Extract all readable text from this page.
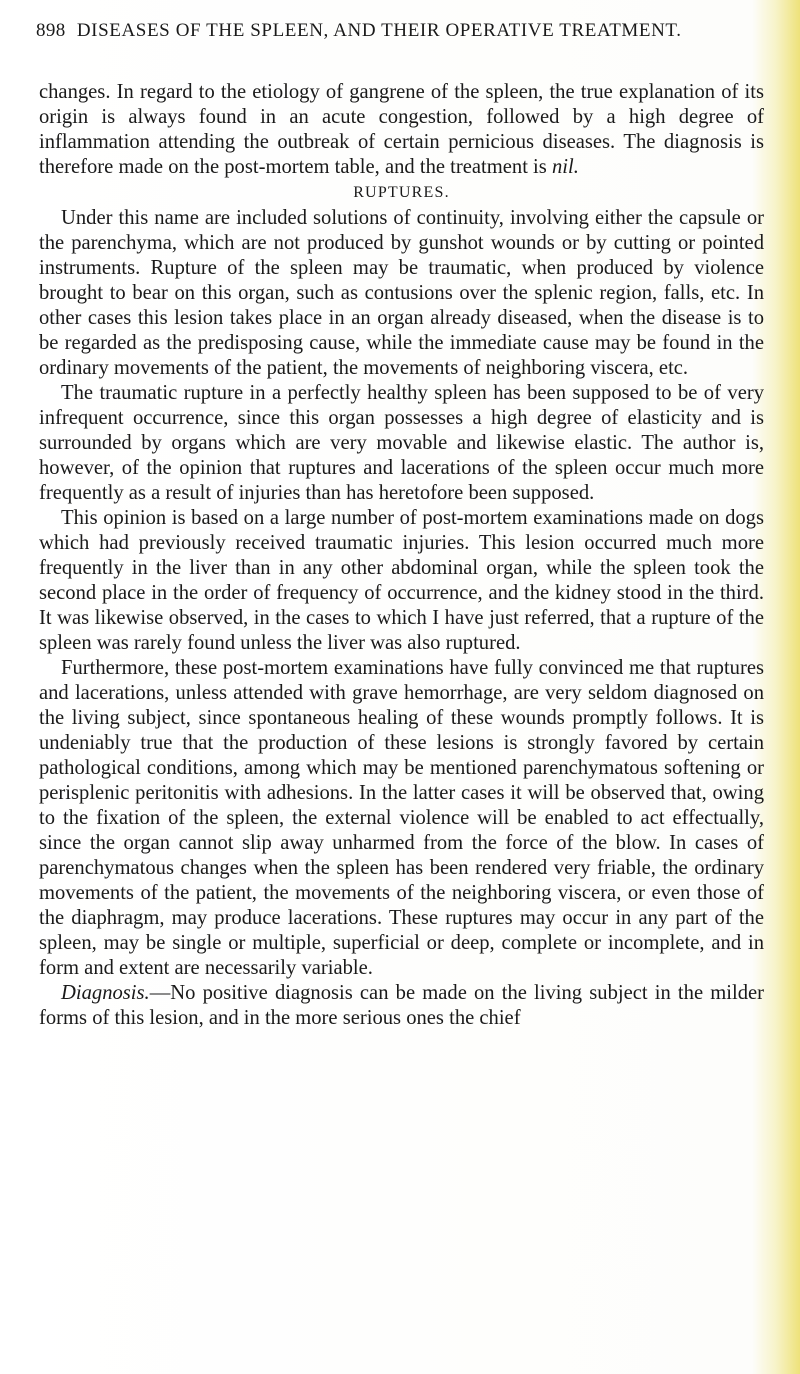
898 DISEASES OF THE SPLEEN, AND THEIR OPERATIVE TREATMENT.

changes. In regard to the etiology of gangrene of the spleen, the true explanation of its origin is always found in an acute congestion, followed by a high degree of inflammation attending the outbreak of certain pernicious diseases. The diagnosis is therefore made on the post-mortem table, and the treatment is nil.

RUPTURES.

Under this name are included solutions of continuity, involving either the capsule or the parenchyma, which are not produced by gunshot wounds or by cutting or pointed instruments. Rupture of the spleen may be traumatic, when produced by violence brought to bear on this organ, such as contusions over the splenic region, falls, etc. In other cases this lesion takes place in an organ already diseased, when the disease is to be regarded as the predisposing cause, while the immediate cause may be found in the ordinary movements of the patient, the movements of neighboring viscera, etc.

The traumatic rupture in a perfectly healthy spleen has been supposed to be of very infrequent occurrence, since this organ possesses a high degree of elasticity and is surrounded by organs which are very movable and likewise elastic. The author is, however, of the opinion that ruptures and lacerations of the spleen occur much more frequently as a result of injuries than has heretofore been supposed.

This opinion is based on a large number of post-mortem examinations made on dogs which had previously received traumatic injuries. This lesion occurred much more frequently in the liver than in any other abdominal organ, while the spleen took the second place in the order of frequency of occurrence, and the kidney stood in the third. It was likewise observed, in the cases to which I have just referred, that a rupture of the spleen was rarely found unless the liver was also ruptured.

Furthermore, these post-mortem examinations have fully convinced me that ruptures and lacerations, unless attended with grave hemorrhage, are very seldom diagnosed on the living subject, since spontaneous healing of these wounds promptly follows. It is undeniably true that the production of these lesions is strongly favored by certain pathological conditions, among which may be mentioned parenchymatous softening or perisplenic peritonitis with adhesions. In the latter cases it will be observed that, owing to the fixation of the spleen, the external violence will be enabled to act effectually, since the organ cannot slip away unharmed from the force of the blow. In cases of parenchymatous changes when the spleen has been rendered very friable, the ordinary movements of the patient, the movements of the neighboring viscera, or even those of the diaphragm, may produce lacerations. These ruptures may occur in any part of the spleen, may be single or multiple, superficial or deep, complete or incomplete, and in form and extent are necessarily variable.

Diagnosis.—No positive diagnosis can be made on the living subject in the milder forms of this lesion, and in the more serious ones the chief
